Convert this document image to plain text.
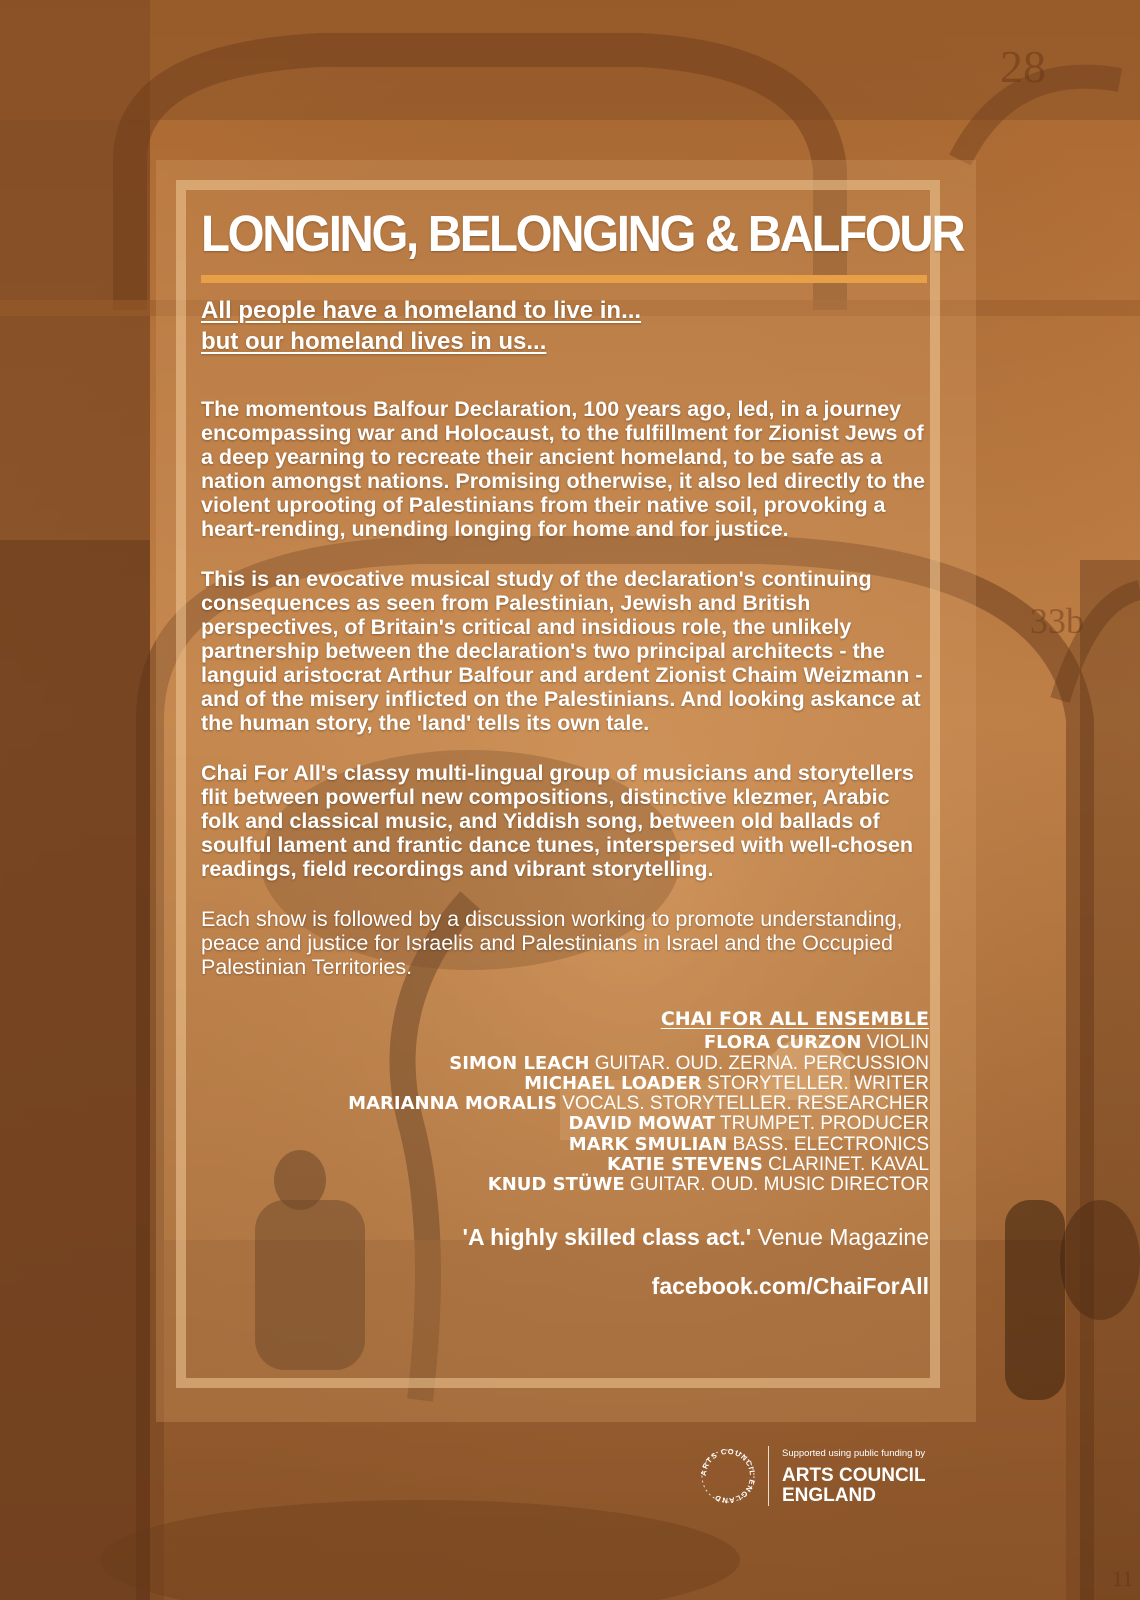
28
33b
11
LONGING, BELONGING & BALFOUR
All people have a homeland to live in...
but our homeland lives in us...

The momentous Balfour Declaration, 100 years ago, led, in a journey encompassing war and Holocaust, to the fulfillment for Zionist Jews of a deep yearning to recreate their ancient homeland, to be safe as a nation amongst nations. Promising otherwise, it also led directly to the violent uprooting of Palestinians from their native soil, provoking a heart-rending, unending longing for home and for justice.

This is an evocative musical study of the declaration's continuing consequences as seen from Palestinian, Jewish and British perspectives, of Britain's critical and insidious role, the unlikely partnership between the declaration's two principal architects - the languid aristocrat Arthur Balfour and ardent Zionist Chaim Weizmann - and of the misery inflicted on the Palestinians. And looking askance at the human story, the 'land' tells its own tale.

Chai For All's classy multi-lingual group of musicians and storytellers flit between powerful new compositions, distinctive klezmer, Arabic folk and classical music, and Yiddish song, between old ballads of soulful lament and frantic dance tunes, interspersed with well-chosen readings, field recordings and vibrant storytelling.

Each show is followed by a discussion working to promote understanding, peace and justice for Israelis and Palestinians in Israel and the Occupied Palestinian Territories.

CHAI FOR ALL ENSEMBLE
FLORA CURZON VIOLIN
SIMON LEACH GUITAR. OUD. ZERNA. PERCUSSION
MICHAEL LOADER STORYTELLER. WRITER
MARIANNA MORALIS VOCALS. STORYTELLER. RESEARCHER
DAVID MOWAT TRUMPET. PRODUCER
MARK SMULIAN BASS. ELECTRONICS
KATIE STEVENS CLARINET. KAVAL
KNUD STÜWE GUITAR. OUD. MUSIC DIRECTOR
'A highly skilled class act.' Venue Magazine
facebook.com/ChaiForAll
ARTS COUNCIL ENGLAND
Supported using public funding by
ARTS COUNCIL
ENGLAND
